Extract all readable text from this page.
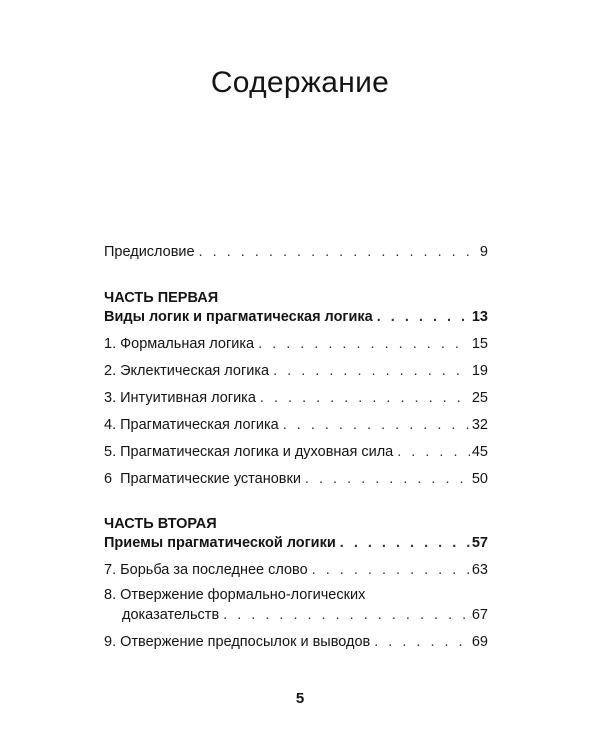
Содержание
Предисловие . . .	9
ЧАСТЬ ПЕРВАЯ
Виды логик и прагматическая логика . . .	13
1. Формальная логика . . .	15
2. Эклектическая логика . . .	19
3. Интуитивная логика . . .	25
4. Прагматическая логика . . .	32
5. Прагматическая логика и духовная сила . . .	45
6  Прагматические установки . . .	50
ЧАСТЬ ВТОРАЯ
Приемы прагматической логики . . .	57
7. Борьба за последнее слово . . .	63
8. Отвержение формально-логических
доказательств . . .	67
9. Отвержение предпосылок и выводов . . .	69
5
